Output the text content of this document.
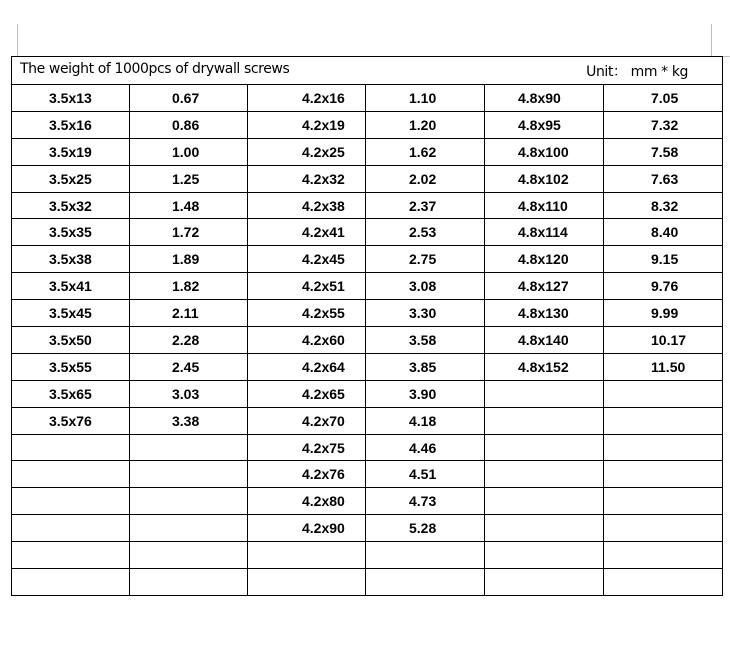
The weight of 1000pcs of drywall screws Unit： mm * kg					

3.5x13	0.67	4.2x16	1.10	4.8x90	7.05
3.5x16	0.86	4.2x19	1.20	4.8x95	7.32
3.5x19	1.00	4.2x25	1.62	4.8x100	7.58
3.5x25	1.25	4.2x32	2.02	4.8x102	7.63
3.5x32	1.48	4.2x38	2.37	4.8x110	8.32
3.5x35	1.72	4.2x41	2.53	4.8x114	8.40
3.5x38	1.89	4.2x45	2.75	4.8x120	9.15
3.5x41	1.82	4.2x51	3.08	4.8x127	9.76
3.5x45	2.11	4.2x55	3.30	4.8x130	9.99
3.5x50	2.28	4.2x60	3.58	4.8x140	10.17
3.5x55	2.45	4.2x64	3.85	4.8x152	11.50
3.5x65	3.03	4.2x65	3.90		
3.5x76	3.38	4.2x70	4.18		
		4.2x75	4.46		
		4.2x76	4.51		
		4.2x80	4.73		
		4.2x90	5.28		
